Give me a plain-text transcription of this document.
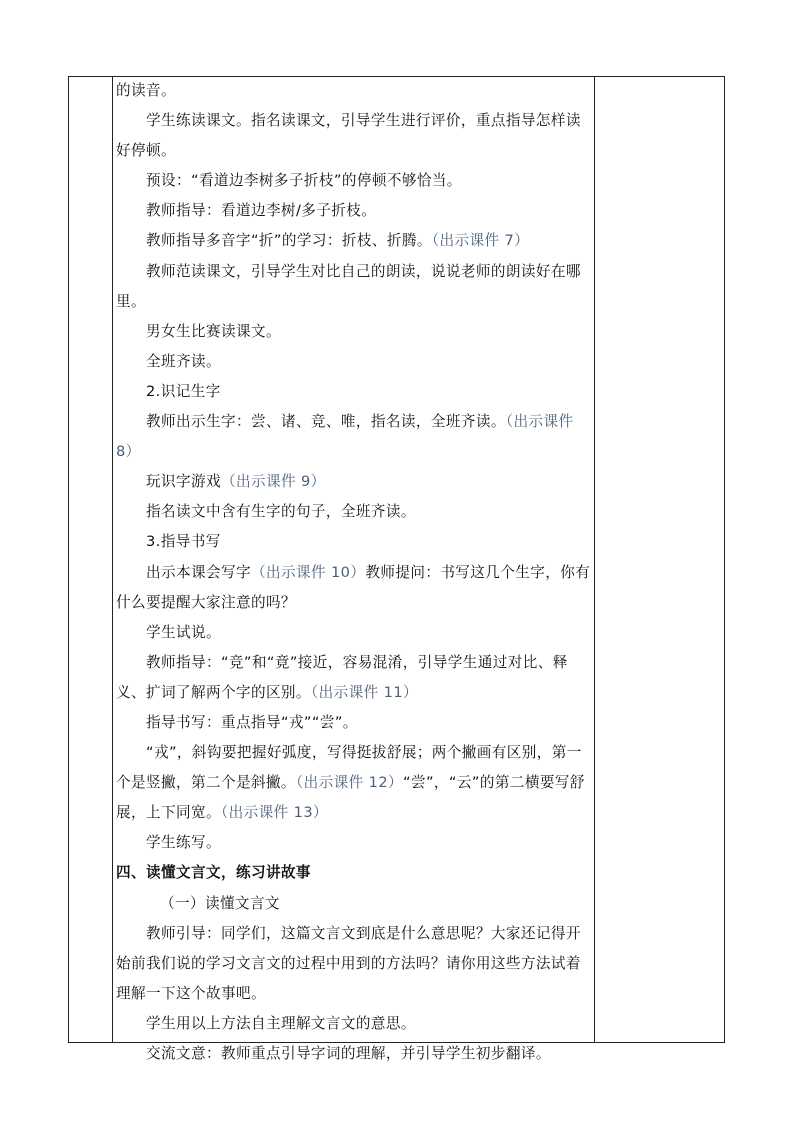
的读音。

学生练读课文。指名读课文，引导学生进行评价，重点指导怎样读好停顿。

预设：“看道边李树多子折枝”的停顿不够恰当。

教师指导：看道边李树/多子折枝。

教师指导多音字“折”的学习：折枝、折腾。（出示课件 7）

教师范读课文，引导学生对比自己的朗读，说说老师的朗读好在哪里。

男女生比赛读课文。

全班齐读。

2.识记生字

教师出示生字：尝、诸、竞、唯，指名读，全班齐读。（出示课件 8）

玩识字游戏（出示课件 9）

指名读文中含有生字的句子，全班齐读。

3.指导书写

出示本课会写字（出示课件 10）教师提问：书写这几个生字，你有什么要提醒大家注意的吗？

学生试说。

教师指导：“竞”和“竟”接近，容易混淆，引导学生通过对比、释义、扩词了解两个字的区别。（出示课件 11）

指导书写：重点指导“戎”“尝”。

“戎”，斜钩要把握好弧度，写得挺拔舒展；两个撇画有区别，第一个是竖撇，第二个是斜撇。（出示课件 12）“尝”，“云”的第二横要写舒展，上下同宽。（出示课件 13）

学生练写。

四、读懂文言文，练习讲故事

（一）读懂文言文

教师引导：同学们，这篇文言文到底是什么意思呢？大家还记得开始前我们说的学习文言文的过程中用到的方法吗？请你用这些方法试着理解一下这个故事吧。

学生用以上方法自主理解文言文的意思。

交流文意：教师重点引导字词的理解，并引导学生初步翻译。
